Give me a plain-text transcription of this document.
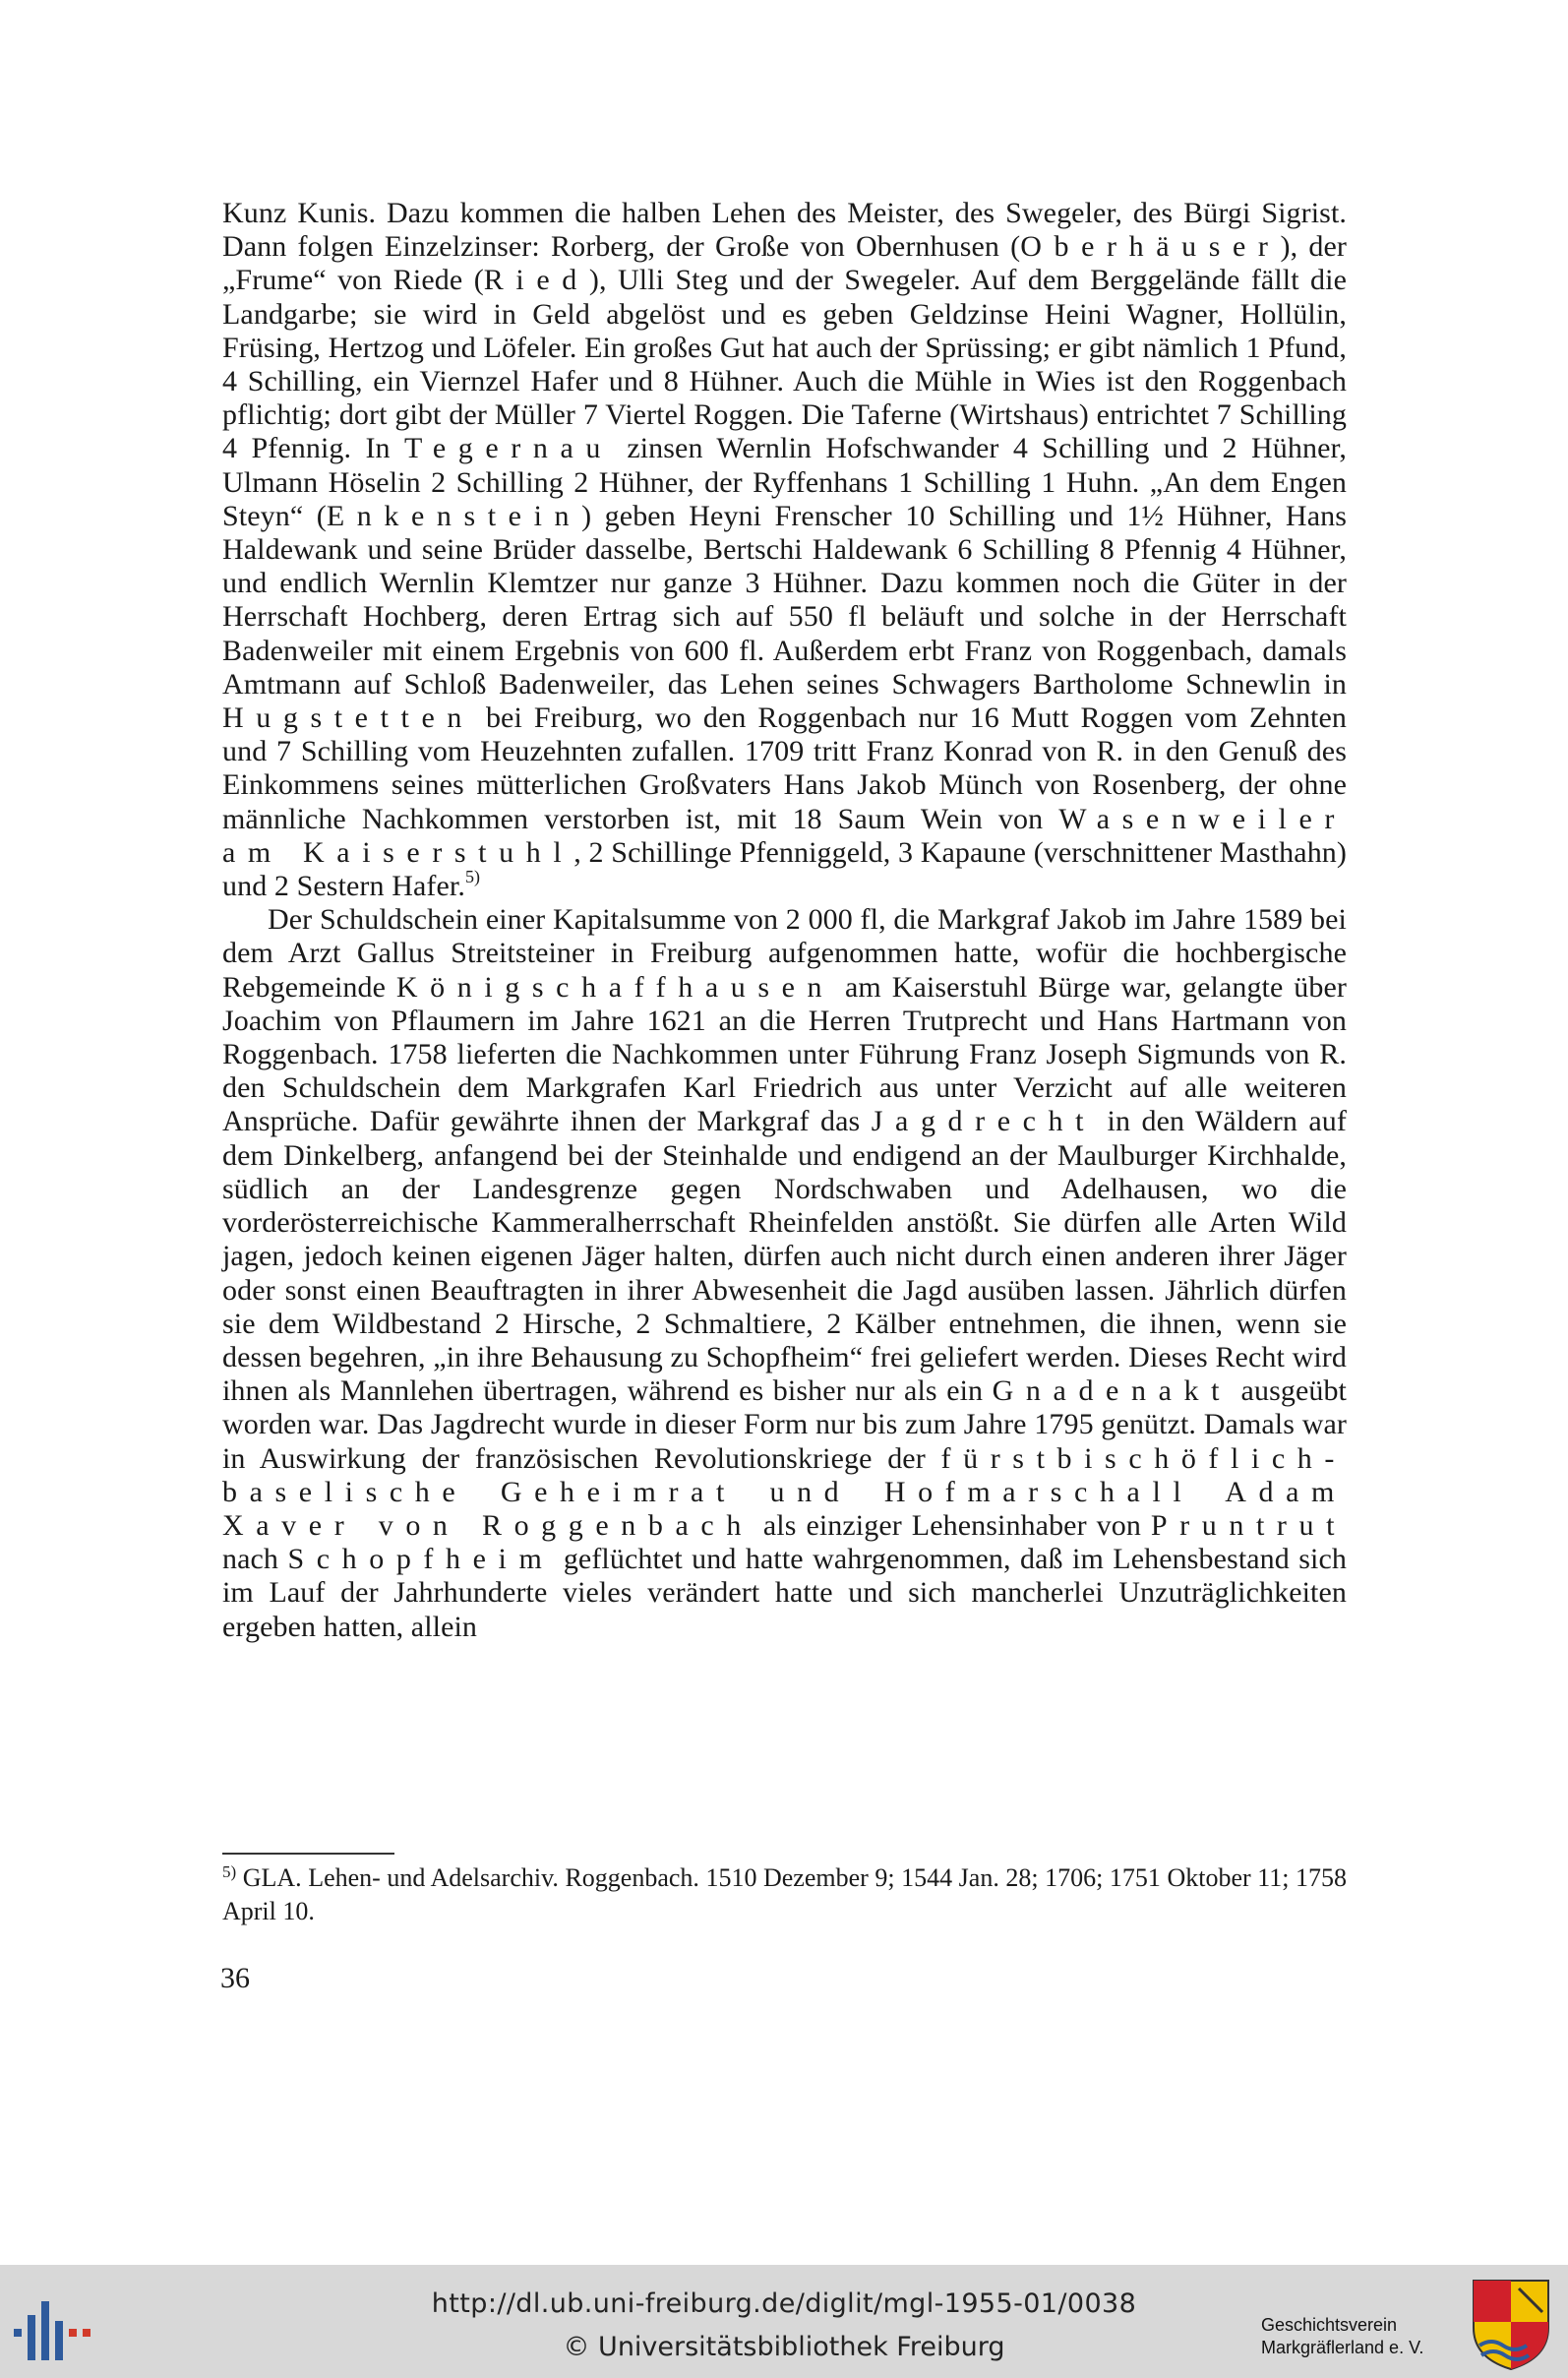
Kunz Kunis. Dazu kommen die halben Lehen des Meister, des Swegeler, des Bürgi Sigrist. Dann folgen Einzelzinser: Rorberg, der Große von Obernhusen (Oberhäuser), der „Frume“ von Riede (Ried), Ulli Steg und der Swegeler. Auf dem Berggelände fällt die Landgarbe; sie wird in Geld abgelöst und es geben Geldzinse Heini Wagner, Hollülin, Früsing, Hertzog und Löfeler. Ein großes Gut hat auch der Sprüssing; er gibt nämlich 1 Pfund, 4 Schilling, ein Viernzel Hafer und 8 Hühner. Auch die Mühle in Wies ist den Roggenbach pflichtig; dort gibt der Müller 7 Viertel Roggen. Die Taferne (Wirtshaus) entrichtet 7 Schilling 4 Pfennig. In Tegernau zinsen Wernlin Hofschwander 4 Schilling und 2 Hühner, Ulmann Höselin 2 Schilling 2 Hühner, der Ryffenhans 1 Schilling 1 Huhn. „An dem Engen Steyn“ (Enkenstein) geben Heyni Frenscher 10 Schilling und 1½ Hühner, Hans Haldewank und seine Brüder dasselbe, Bertschi Haldewank 6 Schilling 8 Pfennig 4 Hühner, und endlich Wernlin Klemtzer nur ganze 3 Hühner. Dazu kommen noch die Güter in der Herrschaft Hochberg, deren Ertrag sich auf 550 fl beläuft und solche in der Herrschaft Badenweiler mit einem Ergebnis von 600 fl. Außerdem erbt Franz von Roggenbach, damals Amtmann auf Schloß Badenweiler, das Lehen seines Schwagers Bartholome Schnewlin in Hugstetten bei Freiburg, wo den Roggenbach nur 16 Mutt Roggen vom Zehnten und 7 Schilling vom Heuzehnten zufallen. 1709 tritt Franz Konrad von R. in den Genuß des Einkommens seines mütterlichen Großvaters Hans Jakob Münch von Rosenberg, der ohne männliche Nachkommen verstorben ist, mit 18 Saum Wein von Wasenweiler am Kaiserstuhl, 2 Schillinge Pfenniggeld, 3 Kapaune (verschnittener Masthahn) und 2 Sestern Hafer.$^{5)}$

Der Schuldschein einer Kapitalsumme von 2 000 fl, die Markgraf Jakob im Jahre 1589 bei dem Arzt Gallus Streitsteiner in Freiburg aufgenommen hatte, wofür die hochbergische Rebgemeinde Königschaffhausen am Kaiserstuhl Bürge war, gelangte über Joachim von Pflaumern im Jahre 1621 an die Herren Trutprecht und Hans Hartmann von Roggenbach. 1758 lieferten die Nachkommen unter Führung Franz Joseph Sigmunds von R. den Schuldschein dem Markgrafen Karl Friedrich aus unter Verzicht auf alle weiteren Ansprüche. Dafür gewährte ihnen der Markgraf das Jagdrecht in den Wäldern auf dem Dinkelberg, anfangend bei der Steinhalde und endigend an der Maulburger Kirchhalde, südlich an der Landesgrenze gegen Nordschwaben und Adelhausen, wo die vorderösterreichische Kammeralherrschaft Rheinfelden anstößt. Sie dürfen alle Arten Wild jagen, jedoch keinen eigenen Jäger halten, dürfen auch nicht durch einen anderen ihrer Jäger oder sonst einen Beauftragten in ihrer Abwesenheit die Jagd ausüben lassen. Jährlich dürfen sie dem Wildbestand 2 Hirsche, 2 Schmaltiere, 2 Kälber entnehmen, die ihnen, wenn sie dessen begehren, „in ihre Behausung zu Schopfheim“ frei geliefert werden. Dieses Recht wird ihnen als Mannlehen übertragen, während es bisher nur als ein Gnadenakt ausgeübt worden war. Das Jagdrecht wurde in dieser Form nur bis zum Jahre 1795 genützt. Damals war in Auswirkung der französischen Revolutionskriege der fürstbischöflich-baselische Geheimrat und Hofmarschall Adam Xaver von Roggenbach als einziger Lehensinhaber von Pruntrut nach Schopfheim geflüchtet und hatte wahrgenommen, daß im Lehensbestand sich im Lauf der Jahrhunderte vieles verändert hatte und sich mancherlei Unzuträglichkeiten ergeben hatten, allein

$^{5)}$ GLA. Lehen- und Adelsarchiv. Roggenbach. 1510 Dezember 9; 1544 Jan. 28; 1706; 1751 Oktober 11; 1758 April 10.
36
http://dl.ub.uni-freiburg.de/diglit/mgl-1955-01/0038
© Universitätsbibliothek Freiburg
Geschichtsverein
Markgräflerland e. V.
